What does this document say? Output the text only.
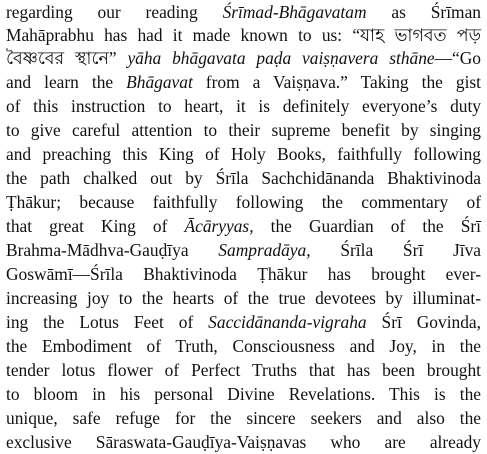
regarding our reading Śrīmad-Bhāgavatam as Śrīman
Mahāprabhu has had it made known to us: “যাহ ভাগবত পড়
বৈষ্ণবের স্থানে” yāha bhāgavata paḍa vaiṣṇavera sthāne—“Go
and learn the Bhāgavat from a Vaiṣṇava.” Taking the gist
of this instruction to heart, it is definitely everyone’s duty
to give careful attention to their supreme benefit by singing
and preaching this King of Holy Books, faithfully following
the path chalked out by Śrīla Sachchidānanda Bhaktivinoda
Ṭhākur; because faithfully following the commentary of
that great King of Ācāryyas, the Guardian of the Śrī
Brahma-Mādhva-Gauḍīya Sampradāya, Śrīla Śrī Jīva
Goswāmī—Śrīla Bhaktivinoda Ṭhākur has brought ever-
increasing joy to the hearts of the true devotees by illuminat-
ing the Lotus Feet of Saccidānanda-vigraha Śrī Govinda,
the Embodiment of Truth, Consciousness and Joy, in the
tender lotus flower of Perfect Truths that has been brought
to bloom in his personal Divine Revelations. This is the
unique, safe refuge for the sincere seekers and also the
exclusive Sāraswata-Gauḍīya-Vaiṣṇavas who are already
